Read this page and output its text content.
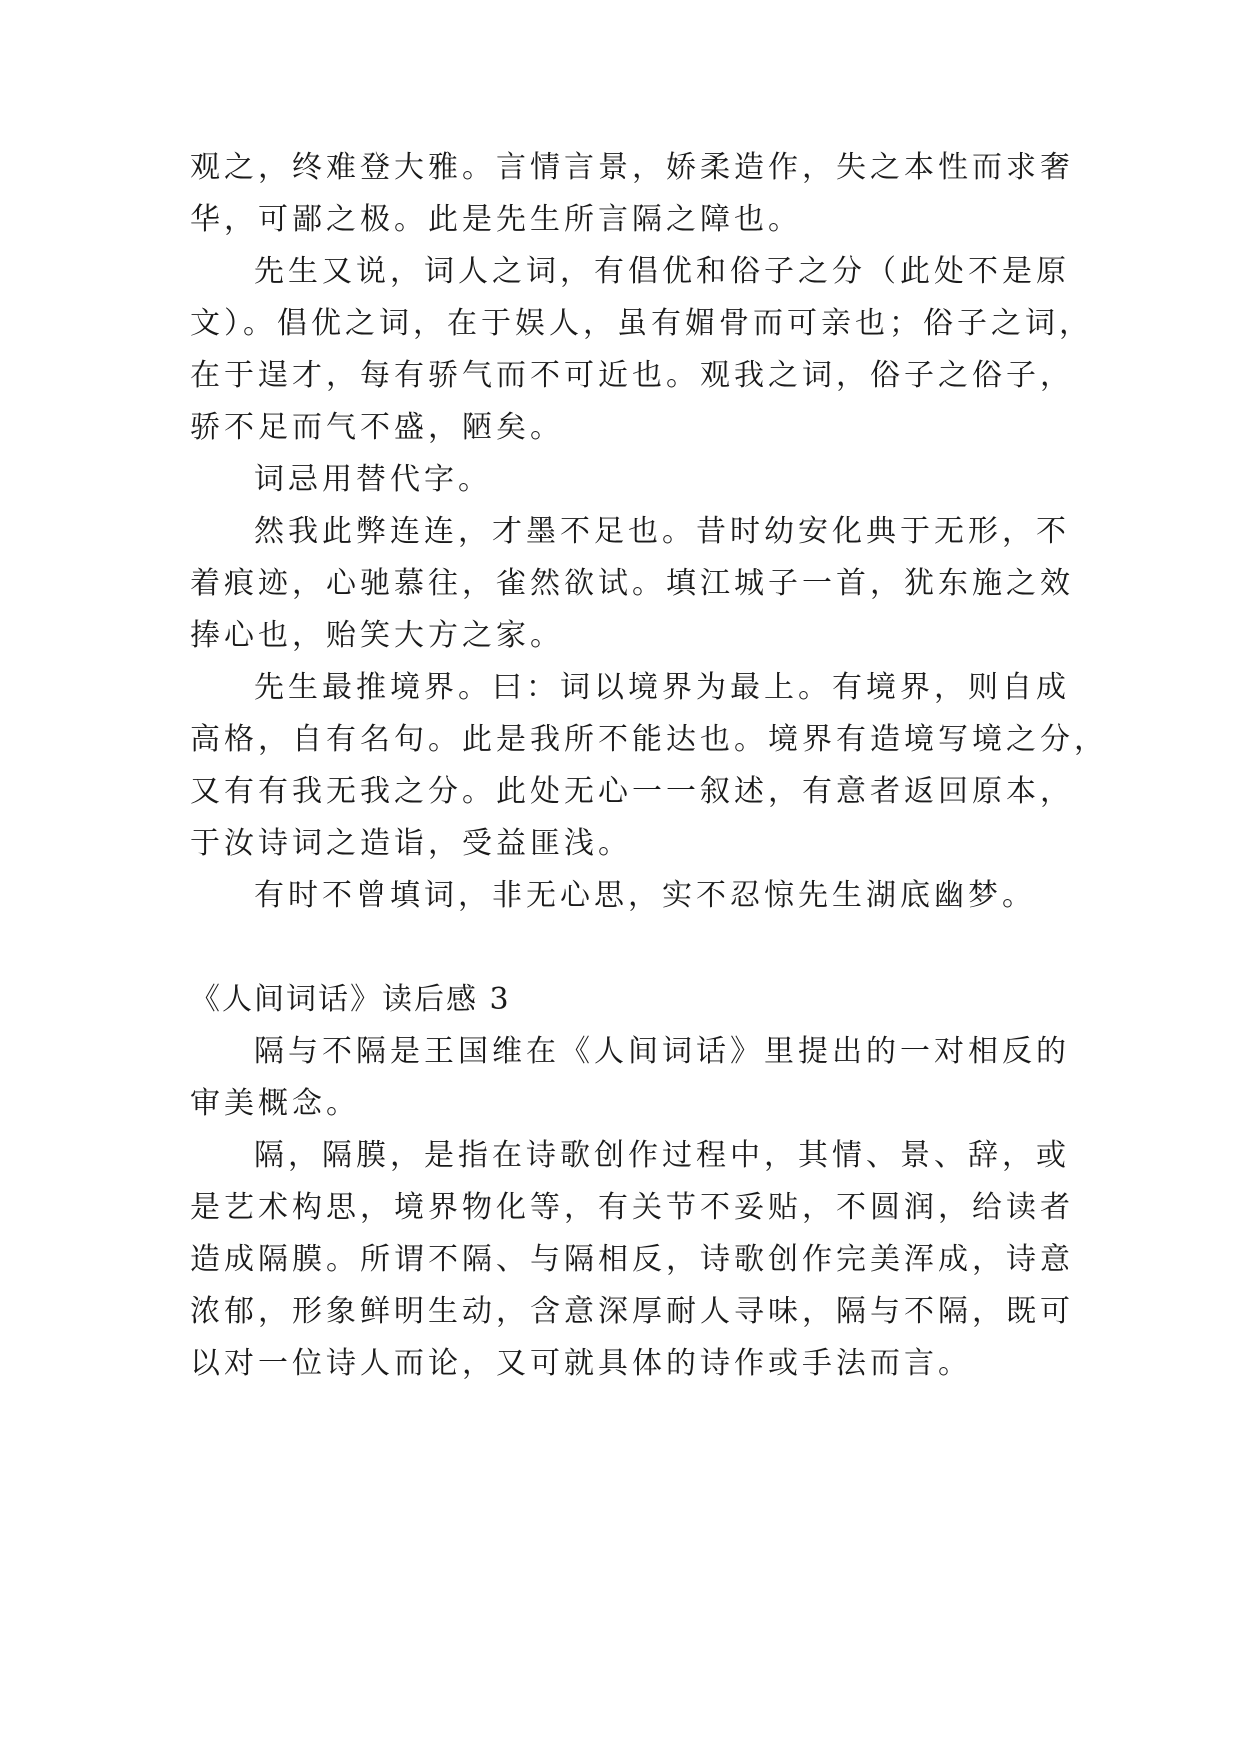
观之，终难登大雅。言情言景，娇柔造作，失之本性而求奢
华，可鄙之极。此是先生所言隔之障也。
先生又说，词人之词，有倡优和俗子之分（此处不是原
文）。倡优之词，在于娱人，虽有媚骨而可亲也；俗子之词，
在于逞才，每有骄气而不可近也。观我之词，俗子之俗子，
骄不足而气不盛，陋矣。
词忌用替代字。
然我此弊连连，才墨不足也。昔时幼安化典于无形，不
着痕迹，心驰慕往，雀然欲试。填江城子一首，犹东施之效
捧心也，贻笑大方之家。
先生最推境界。曰：词以境界为最上。有境界，则自成
高格，自有名句。此是我所不能达也。境界有造境写境之分，
又有有我无我之分。此处无心一一叙述，有意者返回原本，
于汝诗词之造诣，受益匪浅。
有时不曾填词，非无心思，实不忍惊先生湖底幽梦。
《人间词话》读后感 3
隔与不隔是王国维在《人间词话》里提出的一对相反的
审美概念。
隔，隔膜，是指在诗歌创作过程中，其情、景、辞，或
是艺术构思，境界物化等，有关节不妥贴，不圆润，给读者
造成隔膜。所谓不隔、与隔相反，诗歌创作完美浑成，诗意
浓郁，形象鲜明生动，含意深厚耐人寻味，隔与不隔，既可
以对一位诗人而论，又可就具体的诗作或手法而言。
